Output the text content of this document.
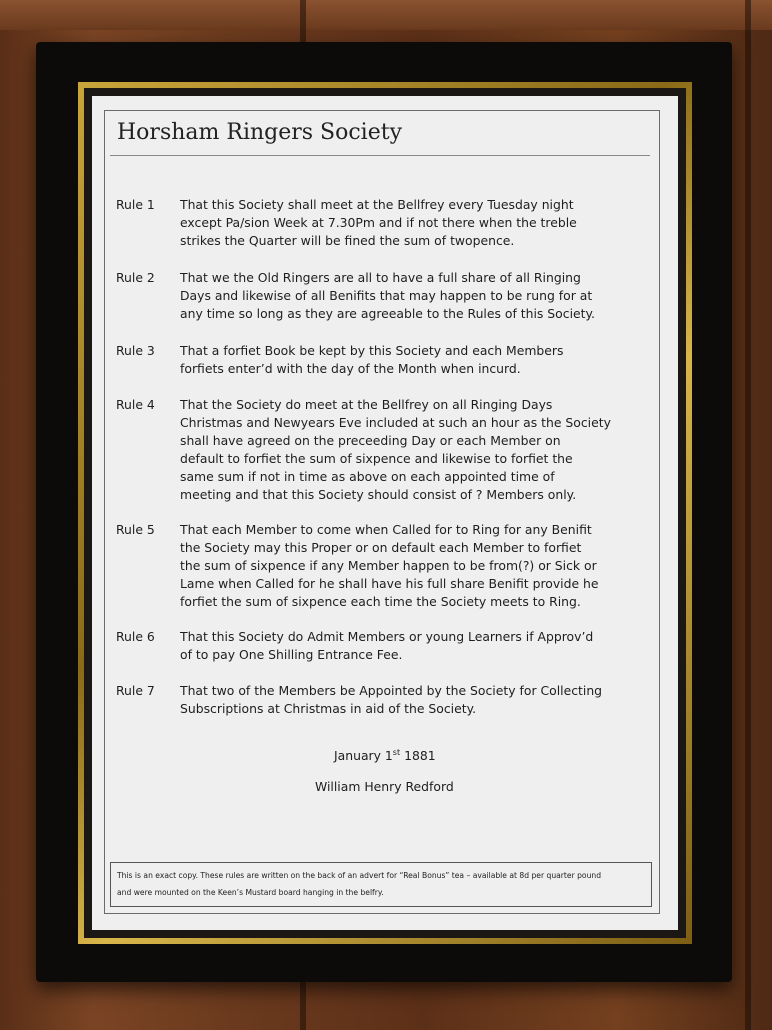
Horsham Ringers Society
Rule 1 That this Society shall meet at the Bellfrey every Tuesday night
except Pa/sion Week at 7.30Pm and if not there when the treble
strikes the Quarter will be fined the sum of twopence.
Rule 2 That we the Old Ringers are all to have a full share of all Ringing
Days and likewise of all Benifits that may happen to be rung for at
any time so long as they are agreeable to the Rules of this Society.
Rule 3 That a forfiet Book be kept by this Society and each Members
forfiets enter’d with the day of the Month when incurd.
Rule 4 That the Society do meet at the Bellfrey on all Ringing Days
Christmas and Newyears Eve included at such an hour as the Society
shall have agreed on the preceeding Day or each Member on
default to forfiet the sum of sixpence and likewise to forfiet the
same sum if not in time as above on each appointed time of
meeting and that this Society should consist of ? Members only.
Rule 5 That each Member to come when Called for to Ring for any Benifit
the Society may this Proper or on default each Member to forfiet
the sum of sixpence if any Member happen to be from(?) or Sick or
Lame when Called for he shall have his full share Benifit provide he
forfiet the sum of sixpence each time the Society meets to Ring.
Rule 6 That this Society do Admit Members or young Learners if Approv’d
of to pay One Shilling Entrance Fee.
Rule 7 That two of the Members be Appointed by the Society for Collecting
Subscriptions at Christmas in aid of the Society.
January 1st 1881
William Henry Redford
This is an exact copy. These rules are written on the back of an advert for “Real Bonus” tea – available at 8d per quarter pound
and were mounted on the Keen’s Mustard board hanging in the belfry.
